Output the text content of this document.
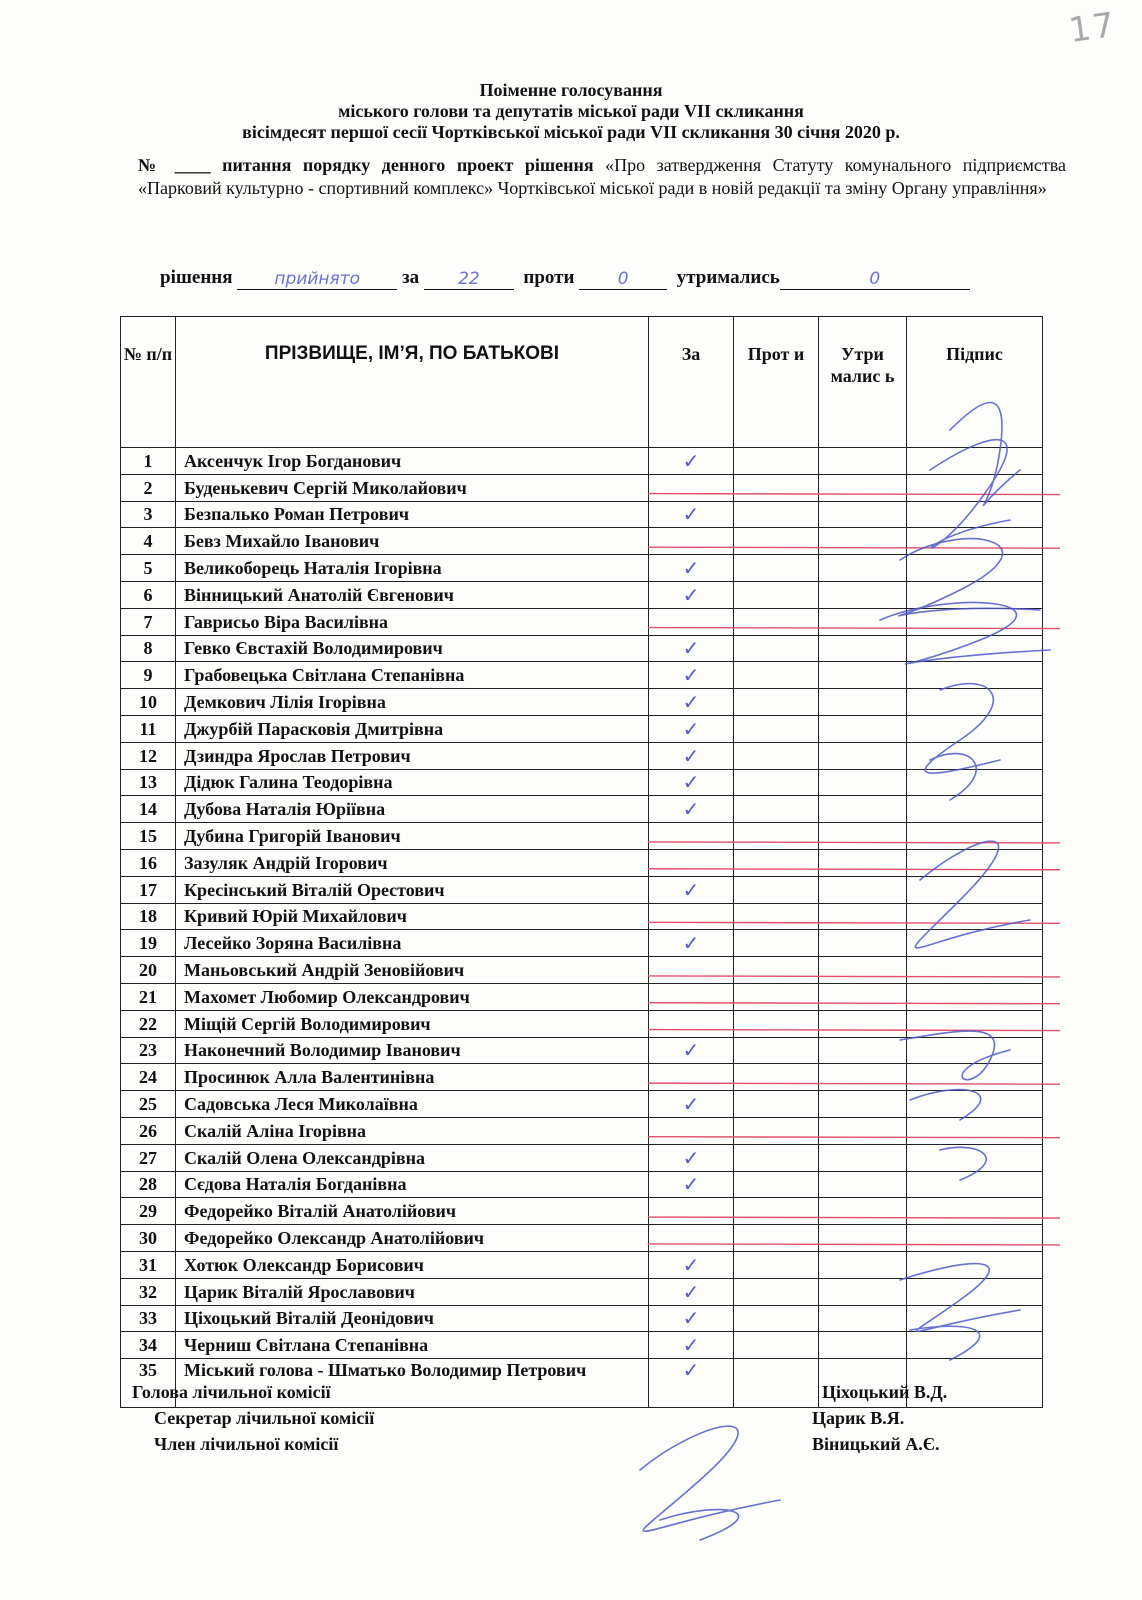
17
Поіменне голосування
міського голови та депутатів міської ради VII скликання
вісімдесят першої сесії Чортківської міської ради VII скликання 30 січня 2020 р.
№ ____ питання порядку денного проект рішення «Про затвердження Статуту комунального підприємства «Парковий культурно - спортивний комплекс» Чортківської міської ради в новій редакції та зміну Органу управління»
рішення прийнято за 22 проти	0	утримались	0
№ п/п	ПРІЗВИЩЕ, ІМ’Я, ПО БАТЬКОВІ	За	Прот и	Утри малис ь	Підпис
1	Аксенчук Ігор Богданович	✓			

2	Буденькевич Сергій Миколайович				
3	Безпалько Роман Петрович	✓			

4	Бевз Михайло Іванович				
5	Великоборець Наталія Ігорівна	✓			

6	Вінницький Анатолій Євгенович	✓			

7	Гаврисьо Віра Василівна				
8	Гевко Євстахій Володимирович	✓			

9	Грабовецька Світлана Степанівна	✓			

10	Демкович Лілія Ігорівна	✓			

11	Джурбій Парасковія Дмитрівна	✓			

12	Дзиндра Ярослав Петрович	✓			

13	Дідюк Галина Теодорівна	✓			

14	Дубова Наталія Юріївна	✓			

15	Дубина Григорій Іванович				
16	Зазуляк Андрій Ігорович				
17	Кресінський Віталій Орестович	✓			

18	Кривий Юрій Михайлович				
19	Лесейко Зоряна Василівна	✓			

20	Маньовський Андрій Зеновійович				
21	Махомет Любомир Олександрович				
22	Міщій Сергій Володимирович				
23	Наконечний Володимир Іванович	✓			

24	Просинюк Алла Валентинівна				
25	Садовська Леся Миколаївна	✓			

26	Скалій Аліна Ігорівна				
27	Скалій Олена Олександрівна	✓			

28	Сєдова Наталія Богданівна	✓			

29	Федорейко Віталій Анатолійович				
30	Федорейко Олександр Анатолійович				
31	Хотюк Олександр Борисович	✓			

32	Царик Віталій Ярославович	✓			

33	Ціхоцький Віталій Деонідович	✓			

34	Черниш Світлана Степанівна	✓			

35	Міський голова - Шматько Володимир Петрович	✓			

Голова лічильної комісії
Секретар лічильної комісії
Член лічильної комісії
Ціхоцький В.Д.
Царик В.Я.
Віницький А.Є.
